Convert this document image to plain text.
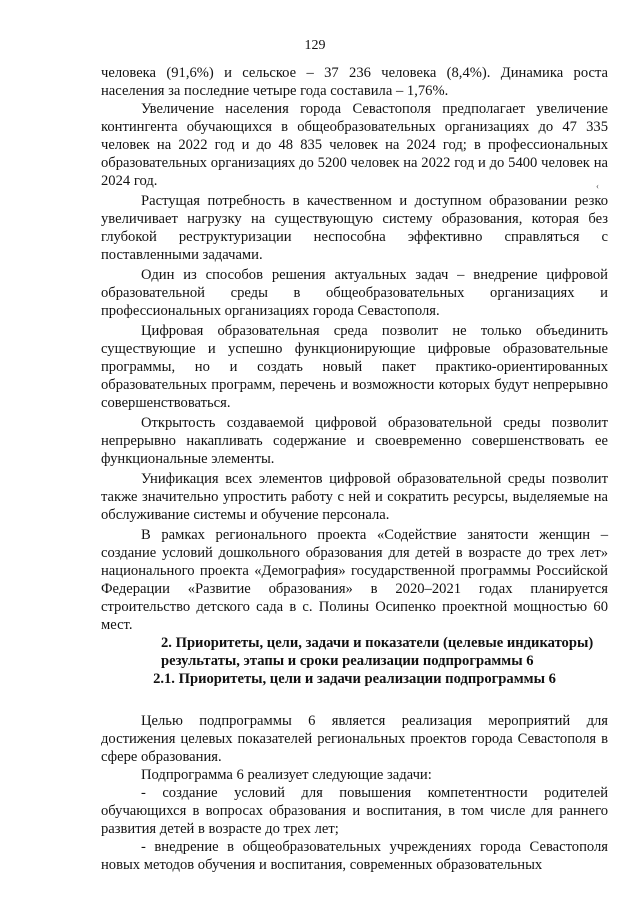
129
‹

человека (91,6%) и сельское – 37 236 человека (8,4%). Динамика роста населения за последние четыре года составила – 1,76%.

Увеличение населения города Севастополя предполагает увеличение контингента обучающихся в общеобразовательных организациях до 47 335 человек на 2022 год и до 48 835 человек на 2024 год; в профессиональных образовательных организациях до 5200 человек на 2022 год и до 5400 человек на 2024 год.

Растущая потребность в качественном и доступном образовании резко увеличивает нагрузку на существующую систему образования, которая без глубокой реструктуризации неспособна эффективно справляться с поставленными задачами.

Один из способов решения актуальных задач – внедрение цифровой образовательной среды в общеобразовательных организациях и профессиональных организациях города Севастополя.

Цифровая образовательная среда позволит не только объединить существующие и успешно функционирующие цифровые образовательные программы, но и создать новый пакет практико-ориентированных образовательных программ, перечень и возможности которых будут непрерывно совершенствоваться.

Открытость создаваемой цифровой образовательной среды позволит непрерывно накапливать содержание и своевременно совершенствовать ее функциональные элементы.

Унификация всех элементов цифровой образовательной среды позволит также значительно упростить работу с ней и сократить ресурсы, выделяемые на обслуживание системы и обучение персонала.

В рамках регионального проекта «Содействие занятости женщин – создание условий дошкольного образования для детей в возрасте до трех лет» национального проекта «Демография» государственной программы Российской Федерации «Развитие образования» в 2020–2021 годах планируется строительство детского сада в с. Полины Осипенко проектной мощностью 60 мест.

2. Приоритеты, цели, задачи и показатели (целевые индикаторы) результаты, этапы и сроки реализации подпрограммы 6

2.1. Приоритеты, цели и задачи реализации подпрограммы 6

Целью подпрограммы 6 является реализация мероприятий для достижения целевых показателей региональных проектов города Севастополя в сфере образования.

Подпрограмма 6 реализует следующие задачи:

- создание условий для повышения компетентности родителей обучающихся в вопросах образования и воспитания, в том числе для раннего развития детей в возрасте до трех лет;

- внедрение в общеобразовательных учреждениях города Севастополя новых методов обучения и воспитания, современных образовательных
